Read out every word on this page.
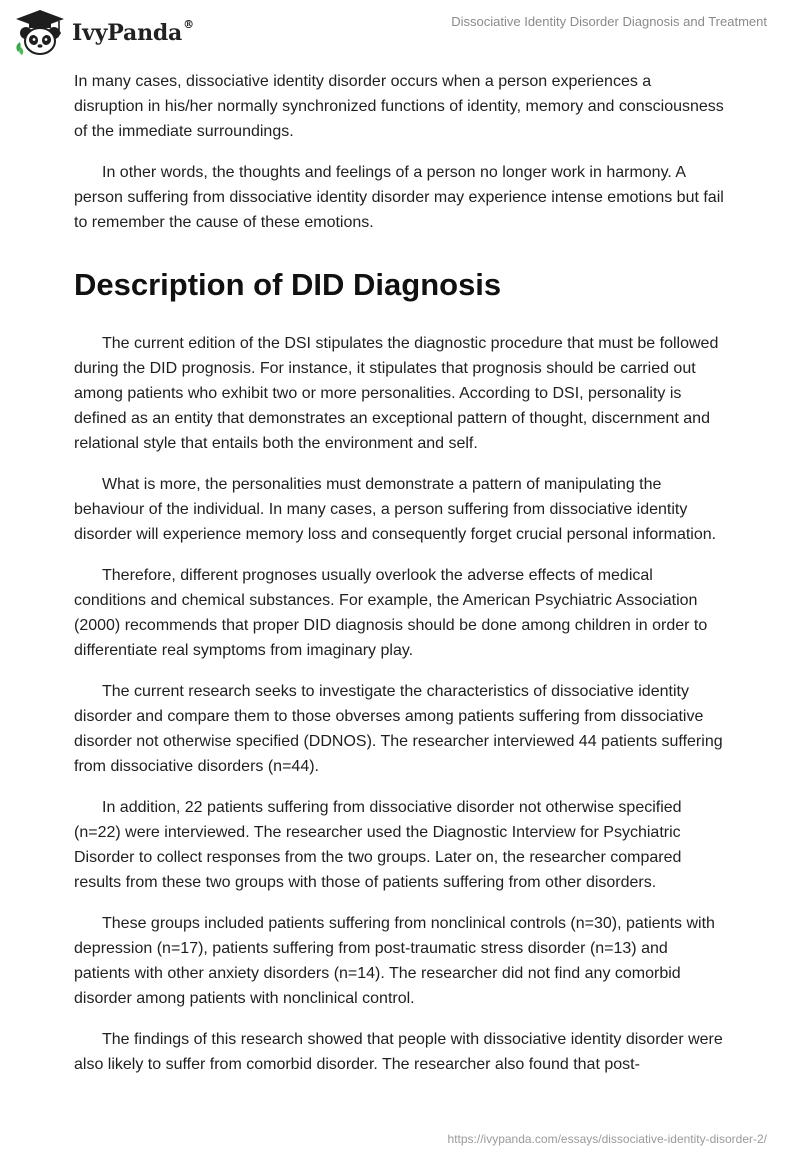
IvyPanda®	Dissociative Identity Disorder Diagnosis and Treatment

In many cases, dissociative identity disorder occurs when a person experiences a disruption in his/her normally synchronized functions of identity, memory and consciousness of the immediate surroundings.

In other words, the thoughts and feelings of a person no longer work in harmony. A person suffering from dissociative identity disorder may experience intense emotions but fail to remember the cause of these emotions.

Description of DID Diagnosis

The current edition of the DSI stipulates the diagnostic procedure that must be followed during the DID prognosis. For instance, it stipulates that prognosis should be carried out among patients who exhibit two or more personalities. According to DSI, personality is defined as an entity that demonstrates an exceptional pattern of thought, discernment and relational style that entails both the environment and self.

What is more, the personalities must demonstrate a pattern of manipulating the behaviour of the individual. In many cases, a person suffering from dissociative identity disorder will experience memory loss and consequently forget crucial personal information.

Therefore, different prognoses usually overlook the adverse effects of medical conditions and chemical substances. For example, the American Psychiatric Association (2000) recommends that proper DID diagnosis should be done among children in order to differentiate real symptoms from imaginary play.

The current research seeks to investigate the characteristics of dissociative identity disorder and compare them to those obverses among patients suffering from dissociative disorder not otherwise specified (DDNOS). The researcher interviewed 44 patients suffering from dissociative disorders (n=44).

In addition, 22 patients suffering from dissociative disorder not otherwise specified (n=22) were interviewed. The researcher used the Diagnostic Interview for Psychiatric Disorder to collect responses from the two groups. Later on, the researcher compared results from these two groups with those of patients suffering from other disorders.

These groups included patients suffering from nonclinical controls (n=30), patients with depression (n=17), patients suffering from post-traumatic stress disorder (n=13) and patients with other anxiety disorders (n=14). The researcher did not find any comorbid disorder among patients with nonclinical control.

The findings of this research showed that people with dissociative identity disorder were also likely to suffer from comorbid disorder. The researcher also found that post-

https://ivypanda.com/essays/dissociative-identity-disorder-2/
